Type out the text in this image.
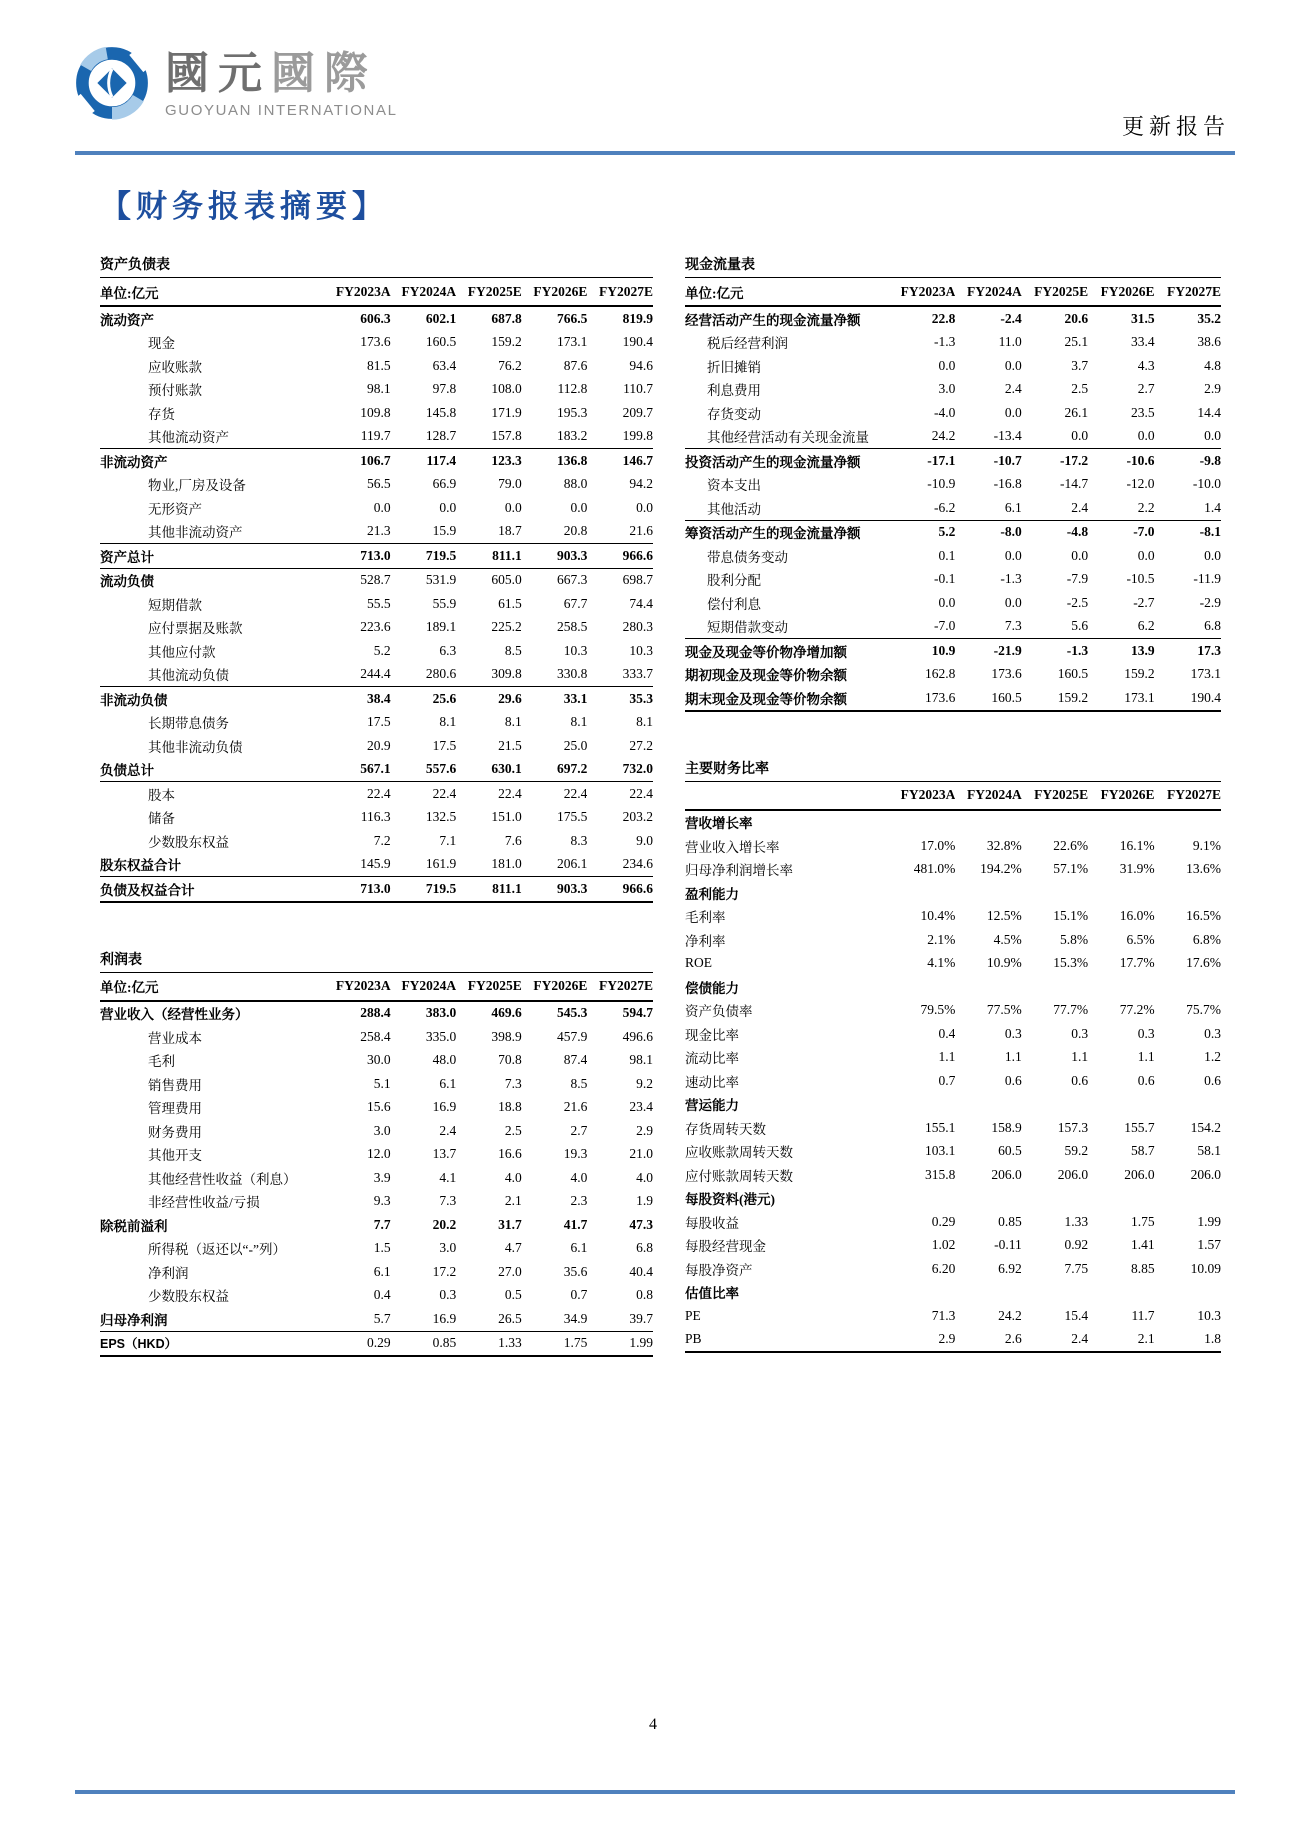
國元國際
GUOYUAN INTERNATIONAL
更新报告
【财务报表摘要】
资产负债表
单位:亿元	FY2023A	FY2024A	FY2025E	FY2026E	FY2027E
流动资产	606.3	602.1	687.8	766.5	819.9
现金	173.6	160.5	159.2	173.1	190.4
应收账款	81.5	63.4	76.2	87.6	94.6
预付账款	98.1	97.8	108.0	112.8	110.7
存货	109.8	145.8	171.9	195.3	209.7
其他流动资产	119.7	128.7	157.8	183.2	199.8
非流动资产	106.7	117.4	123.3	136.8	146.7
物业,厂房及设备	56.5	66.9	79.0	88.0	94.2
无形资产	0.0	0.0	0.0	0.0	0.0
其他非流动资产	21.3	15.9	18.7	20.8	21.6
资产总计	713.0	719.5	811.1	903.3	966.6
流动负债	528.7	531.9	605.0	667.3	698.7
短期借款	55.5	55.9	61.5	67.7	74.4
应付票据及账款	223.6	189.1	225.2	258.5	280.3
其他应付款	5.2	6.3	8.5	10.3	10.3
其他流动负债	244.4	280.6	309.8	330.8	333.7
非流动负债	38.4	25.6	29.6	33.1	35.3
长期带息债务	17.5	8.1	8.1	8.1	8.1
其他非流动负债	20.9	17.5	21.5	25.0	27.2
负债总计	567.1	557.6	630.1	697.2	732.0
股本	22.4	22.4	22.4	22.4	22.4
储备	116.3	132.5	151.0	175.5	203.2
少数股东权益	7.2	7.1	7.6	8.3	9.0
股东权益合计	145.9	161.9	181.0	206.1	234.6
负债及权益合计	713.0	719.5	811.1	903.3	966.6
利润表
单位:亿元	FY2023A	FY2024A	FY2025E	FY2026E	FY2027E
营业收入（经营性业务）	288.4	383.0	469.6	545.3	594.7
营业成本	258.4	335.0	398.9	457.9	496.6
毛利	30.0	48.0	70.8	87.4	98.1
销售费用	5.1	6.1	7.3	8.5	9.2
管理费用	15.6	16.9	18.8	21.6	23.4
财务费用	3.0	2.4	2.5	2.7	2.9
其他开支	12.0	13.7	16.6	19.3	21.0
其他经营性收益（利息）	3.9	4.1	4.0	4.0	4.0
非经营性收益/亏损	9.3	7.3	2.1	2.3	1.9
除税前溢利	7.7	20.2	31.7	41.7	47.3
所得税（返还以“-”列）	1.5	3.0	4.7	6.1	6.8
净利润	6.1	17.2	27.0	35.6	40.4
少数股东权益	0.4	0.3	0.5	0.7	0.8
归母净利润	5.7	16.9	26.5	34.9	39.7
EPS（HKD）	0.29	0.85	1.33	1.75	1.99
现金流量表
单位:亿元	FY2023A	FY2024A	FY2025E	FY2026E	FY2027E
经营活动产生的现金流量净额	22.8	-2.4	20.6	31.5	35.2
税后经营利润	-1.3	11.0	25.1	33.4	38.6
折旧摊销	0.0	0.0	3.7	4.3	4.8
利息费用	3.0	2.4	2.5	2.7	2.9
存货变动	-4.0	0.0	26.1	23.5	14.4
其他经营活动有关现金流量	24.2	-13.4	0.0	0.0	0.0
投资活动产生的现金流量净额	-17.1	-10.7	-17.2	-10.6	-9.8
资本支出	-10.9	-16.8	-14.7	-12.0	-10.0
其他活动	-6.2	6.1	2.4	2.2	1.4
筹资活动产生的现金流量净额	5.2	-8.0	-4.8	-7.0	-8.1
带息债务变动	0.1	0.0	0.0	0.0	0.0
股利分配	-0.1	-1.3	-7.9	-10.5	-11.9
偿付利息	0.0	0.0	-2.5	-2.7	-2.9
短期借款变动	-7.0	7.3	5.6	6.2	6.8
现金及现金等价物净增加额	10.9	-21.9	-1.3	13.9	17.3
期初现金及现金等价物余额	162.8	173.6	160.5	159.2	173.1
期末现金及现金等价物余额	173.6	160.5	159.2	173.1	190.4
主要财务比率
	FY2023A	FY2024A	FY2025E	FY2026E	FY2027E
营收增长率					
营业收入增长率	17.0%	32.8%	22.6%	16.1%	9.1%
归母净利润增长率	481.0%	194.2%	57.1%	31.9%	13.6%
盈利能力					
毛利率	10.4%	12.5%	15.1%	16.0%	16.5%
净利率	2.1%	4.5%	5.8%	6.5%	6.8%
ROE	4.1%	10.9%	15.3%	17.7%	17.6%
偿债能力					
资产负债率	79.5%	77.5%	77.7%	77.2%	75.7%
现金比率	0.4	0.3	0.3	0.3	0.3
流动比率	1.1	1.1	1.1	1.1	1.2
速动比率	0.7	0.6	0.6	0.6	0.6
营运能力					
存货周转天数	155.1	158.9	157.3	155.7	154.2
应收账款周转天数	103.1	60.5	59.2	58.7	58.1
应付账款周转天数	315.8	206.0	206.0	206.0	206.0
每股资料(港元)					
每股收益	0.29	0.85	1.33	1.75	1.99
每股经营现金	1.02	-0.11	0.92	1.41	1.57
每股净资产	6.20	6.92	7.75	8.85	10.09
估值比率					
PE	71.3	24.2	15.4	11.7	10.3
PB	2.9	2.6	2.4	2.1	1.8
4
